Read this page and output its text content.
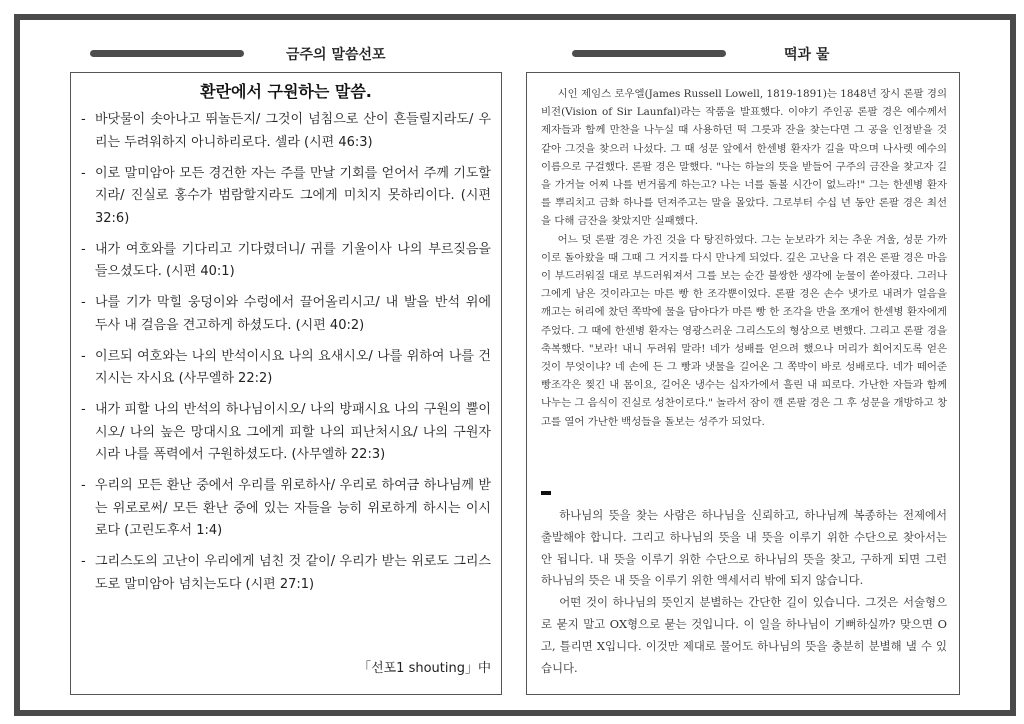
금주의 말씀선포	떡과 물
환란에서 구원하는 말씀.
- 바닷물이 솟아나고 뛰놀든지/ 그것이 넘침으로 산이 흔들릴지라도/ 우리는 두려워하지 아니하리로다. 셀라 (시편 46:3)
- 이로 말미암아 모든 경건한 자는 주를 만날 기회를 얻어서 주께 기도할지라/ 진실로 홍수가 범람할지라도 그에게 미치지 못하리이다. (시편 32:6)
- 내가 여호와를 기다리고 기다렸더니/ 귀를 기울이사 나의 부르짖음을 들으셨도다. (시편 40:1)
- 나를 기가 막힐 웅덩이와 수렁에서 끌어올리시고/ 내 발을 반석 위에 두사 내 걸음을 견고하게 하셨도다. (시편 40:2)
- 이르되 여호와는 나의 반석이시요 나의 요새시오/ 나를 위하여 나를 건지시는 자시요 (사무엘하 22:2)
- 내가 피할 나의 반석의 하나님이시오/ 나의 방패시요 나의 구원의 뿔이시오/ 나의 높은 망대시요 그에게 피할 나의 피난처시요/ 나의 구원자시라 나를 폭력에서 구원하셨도다. (사무엘하 22:3)
- 우리의 모든 환난 중에서 우리를 위로하사/ 우리로 하여금 하나님께 받는 위로로써/ 모든 환난 중에 있는 자들을 능히 위로하게 하시는 이시로다 (고린도후서 1:4)
- 그리스도의 고난이 우리에게 넘친 것 같이/ 우리가 받는 위로도 그리스도로 말미암아 넘치는도다 (시편 27:1)
「선포1 shouting」中

시인 제임스 로우엘(James Russell Lowell, 1819-1891)는 1848년 장시 론팔 경의 비전(Vision of Sir Launfal)라는 작품을 발표했다. 이야기 주인공 론팔 경은 예수께서 제자들과 함께 만찬을 나누실 때 사용하던 떡 그릇과 잔을 찾는다면 그 공을 인정받을 것 같아 그것을 찾으러 나섰다. 그 때 성문 앞에서 한센병 환자가 길을 막으며 나사렛 예수의 이름으로 구걸했다. 론팔 경은 말했다. "나는 하늘의 뜻을 받들어 구주의 금잔을 찾고자 길을 가거늘 어찌 나를 번거롭게 하는고? 나는 너를 돌볼 시간이 없느라!" 그는 한센병 환자를 뿌리치고 금화 하나를 던져주고는 말을 몰았다. 그로부터 수십 년 동안 론팔 경은 최선을 다해 금잔을 찾았지만 실패했다.

어느 덧 론팔 경은 가진 것을 다 탕진하였다. 그는 눈보라가 치는 추운 겨울, 성문 가까이로 돌아왔을 때 그때 그 거지를 다시 만나게 되었다. 깊은 고난을 다 겪은 론팔 경은 마음이 부드러워질 대로 부드러워져서 그를 보는 순간 불쌍한 생각에 눈물이 쏟아졌다. 그러나 그에게 남은 것이라고는 마른 빵 한 조각뿐이었다. 론팔 경은 손수 냇가로 내려가 얼음을 깨고는 허리에 찼던 쪽박에 물을 담아다가 마른 빵 한 조각을 반을 쪼개어 한센병 환자에게 주었다. 그 때에 한센병 환자는 영광스러운 그리스도의 형상으로 변했다. 그리고 론팔 경을 축복했다. "보라! 내니 두려워 말라! 네가 성배를 얻으려 했으나 머리가 희어지도록 얻은 것이 무엇이냐? 네 손에 든 그 빵과 냇물을 길어온 그 쪽박이 바로 성배로다. 네가 떼어준 빵조각은 찢긴 내 몸이요, 길어온 냉수는 십자가에서 흘린 내 피로다. 가난한 자들과 함께 나누는 그 음식이 진실로 성찬이로다." 놀라서 잠이 깬 론팔 경은 그 후 성문을 개방하고 창고를 열어 가난한 백성들을 돌보는 성주가 되었다.

하나님의 뜻을 찾는 사람은 하나님을 신뢰하고, 하나님께 복종하는 전제에서 출발해야 합니다. 그리고 하나님의 뜻을 내 뜻을 이루기 위한 수단으로 찾아서는 안 됩니다. 내 뜻을 이루기 위한 수단으로 하나님의 뜻을 찾고, 구하게 되면 그런 하나님의 뜻은 내 뜻을 이루기 위한 액세서리 밖에 되지 않습니다.

어떤 것이 하나님의 뜻인지 분별하는 간단한 길이 있습니다. 그것은 서술형으로 묻지 말고 OX형으로 묻는 것입니다. 이 일을 하나님이 기뻐하실까? 맞으면 O고, 틀리면 X입니다. 이것만 제대로 물어도 하나님의 뜻을 충분히 분별해 낼 수 있습니다.
